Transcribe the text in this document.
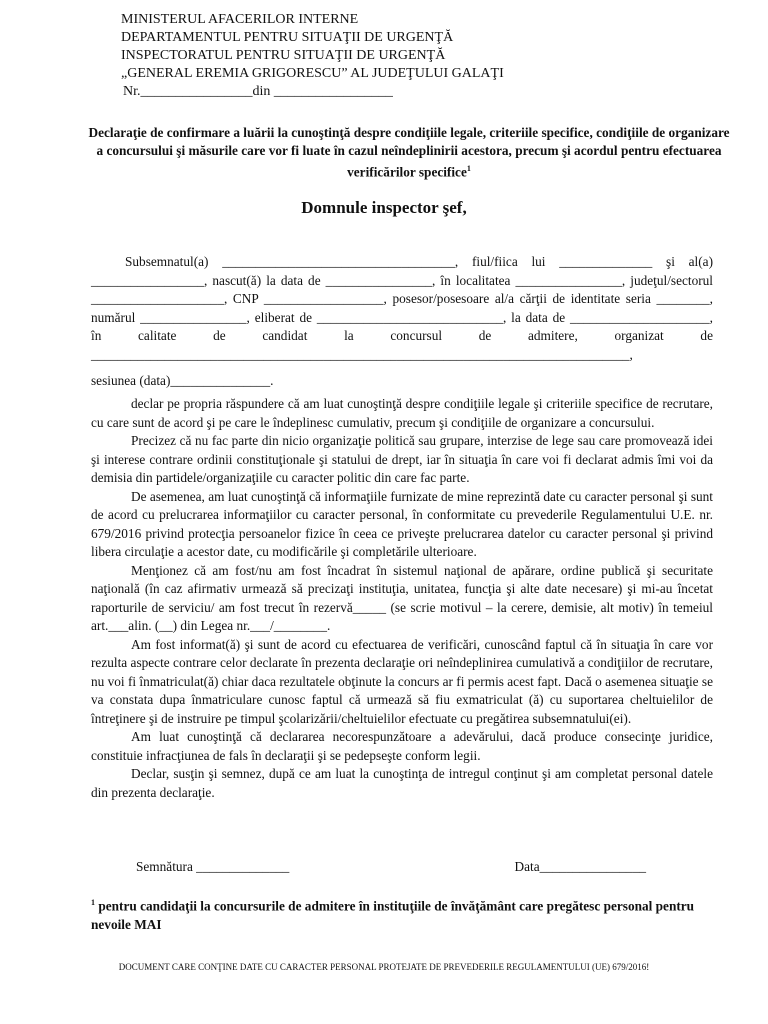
MINISTERUL AFACERILOR INTERNE
DEPARTAMENTUL PENTRU SITUAŢII DE URGENŢĂ
INSPECTORATUL PENTRU SITUAŢII DE URGENŢĂ
„GENERAL EREMIA GRIGORESCU” AL JUDEŢULUI GALAŢI
Nr.________________din _________________
Declaraţie de confirmare a luării la cunoştinţă despre condiţiile legale, criteriile specifice, condiţiile de organizare a concursului şi măsurile care vor fi luate în cazul neîndeplinirii acestora, precum şi acordul pentru efectuarea verificărilor specifice$^1$
Domnule inspector şef,

Subsemnatul(a) ___________________________________, fiul/fiica lui ______________ şi al(a) _________________, nascut(ă) la data de ________________, în localitatea ________________, judeţul/sectorul ____________________, CNP __________________, posesor/posesoare al/a cărţii de identitate seria ________, numărul ________________, eliberat de ____________________________, la data de _____________________, în calitate de candidat la concursul de admitere, organizat de _________________________________________________________________________________,

sesiunea (data)_______________.

declar pe propria răspundere că am luat cunoştinţă despre condiţiile legale şi criteriile specifice de recrutare, cu care sunt de acord şi pe care le îndeplinesc cumulativ, precum şi condiţiile de organizare a concursului.

Precizez că nu fac parte din nicio organizaţie politică sau grupare, interzise de lege sau care promovează idei şi interese contrare ordinii constituţionale şi statului de drept, iar în situaţia în care voi fi declarat admis îmi voi da demisia din partidele/organizaţiile cu caracter politic din care fac parte.

De asemenea, am luat cunoştinţă că informaţiile furnizate de mine reprezintă date cu caracter personal şi sunt de acord cu prelucrarea informaţiilor cu caracter personal, în conformitate cu prevederile Regulamentului U.E. nr. 679/2016 privind protecţia persoanelor fizice în ceea ce priveşte prelucrarea datelor cu caracter personal şi privind libera circulaţie a acestor date, cu modificările şi completările ulterioare.

Menţionez că am fost/nu am fost încadrat în sistemul naţional de apărare, ordine publică şi securitate naţională (în caz afirmativ urmează să precizaţi instituţia, unitatea, funcţia şi alte date necesare) şi mi-au încetat raporturile de serviciu/ am fost trecut în rezervă_____ (se scrie motivul – la cerere, demisie, alt motiv) în temeiul art.___alin. (__) din Legea nr.___/________.

Am fost informat(ă) şi sunt de acord cu efectuarea de verificări, cunoscând faptul că în situaţia în care vor rezulta aspecte contrare celor declarate în prezenta declaraţie ori neîndeplinirea cumulativă a condiţiilor de recrutare, nu voi fi înmatriculat(ă) chiar daca rezultatele obţinute la concurs ar fi permis acest fapt. Dacă o asemenea situaţie se va constata dupa înmatriculare cunosc faptul că urmează să fiu exmatriculat (ă) cu suportarea cheltuielilor de întreţinere şi de instruire pe timpul şcolarizării/cheltuielilor efectuate cu pregătirea subsemnatului(ei).

Am luat cunoştinţă că declararea necorespunzătoare a adevărului, dacă produce consecinţe juridice, constituie infracţiunea de fals în declaraţii şi se pedepseşte conform legii.

Declar, susţin şi semnez, după ce am luat la cunoştinţa de intregul conţinut şi am completat personal datele din prezenta declaraţie.

Semnătura ______________	Data________________
$^1$ pentru candidaţii la concursurile de admitere în instituţiile de învăţământ care pregătesc personal pentru nevoile MAI
DOCUMENT CARE CONŢINE DATE CU CARACTER PERSONAL PROTEJATE DE PREVEDERILE REGULAMENTULUI (UE) 679/2016!
